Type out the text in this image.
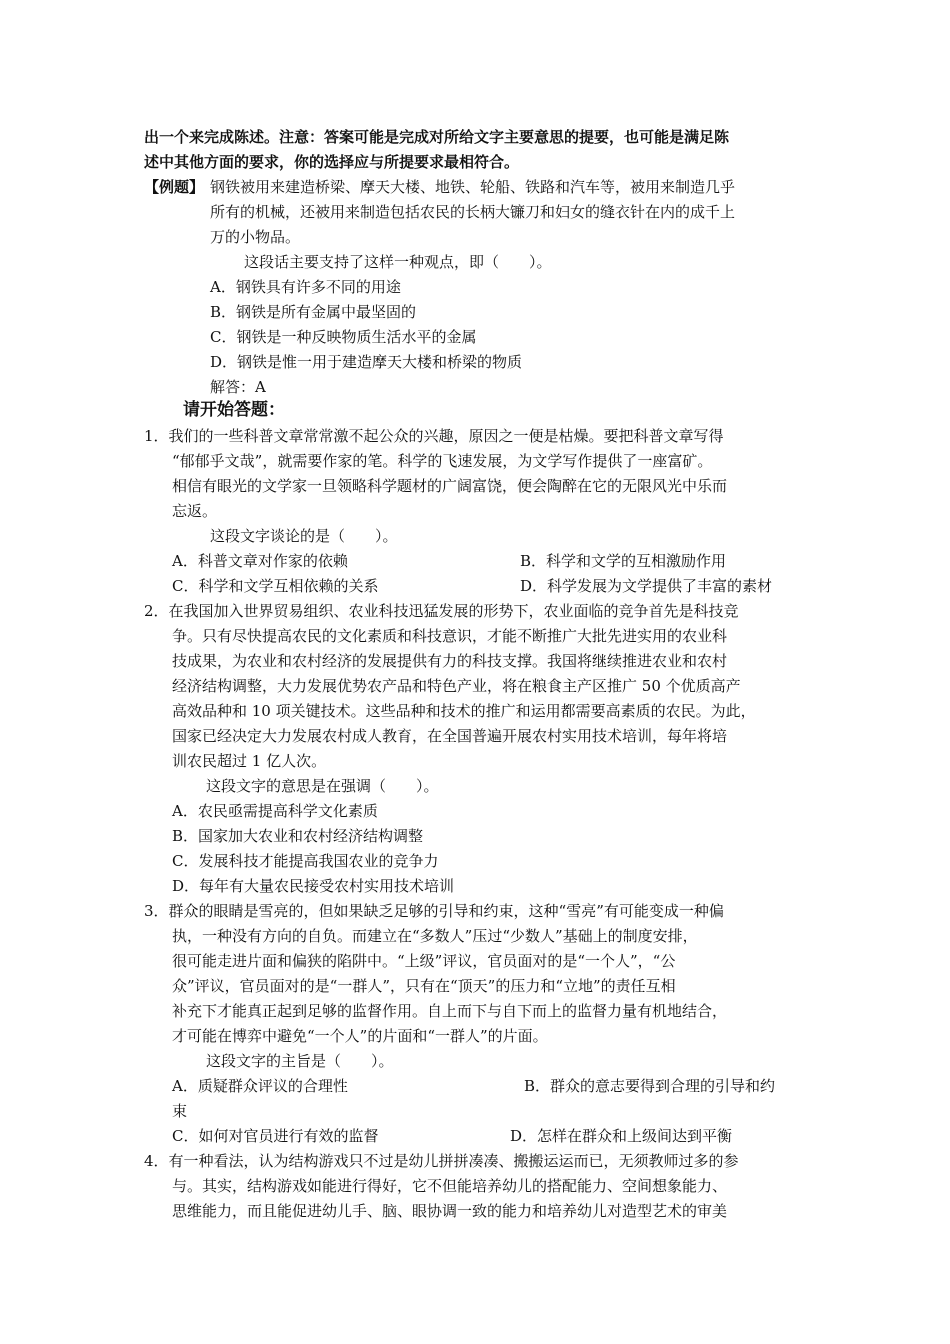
出一个来完成陈述。注意：答案可能是完成对所给文字主要意思的提要，也可能是满足陈
述中其他方面的要求，你的选择应与所提要求最相符合。
【例题】 钢铁被用来建造桥梁、摩天大楼、地铁、轮船、铁路和汽车等，被用来制造几乎
所有的机械，还被用来制造包括农民的长柄大镰刀和妇女的缝衣针在内的成千上
万的小物品。
这段话主要支持了这样一种观点，即（　　）。
A．钢铁具有许多不同的用途
B．钢铁是所有金属中最坚固的
C．钢铁是一种反映物质生活水平的金属
D．钢铁是惟一用于建造摩天大楼和桥梁的物质
解答：A
请开始答题：
1．我们的一些科普文章常常激不起公众的兴趣，原因之一便是枯燥。要把科普文章写得
“郁郁乎文哉”，就需要作家的笔。科学的飞速发展，为文学写作提供了一座富矿。
相信有眼光的文学家一旦领略科学题材的广阔富饶，便会陶醉在它的无限风光中乐而
忘返。
这段文字谈论的是（　　）。
A．科普文章对作家的依赖	B．科学和文学的互相激励作用
C．科学和文学互相依赖的关系	D．科学发展为文学提供了丰富的素材
2．在我国加入世界贸易组织、农业科技迅猛发展的形势下，农业面临的竞争首先是科技竞
争。只有尽快提高农民的文化素质和科技意识，才能不断推广大批先进实用的农业科
技成果，为农业和农村经济的发展提供有力的科技支撑。我国将继续推进农业和农村
经济结构调整，大力发展优势农产品和特色产业，将在粮食主产区推广 50 个优质高产
高效品种和 10 项关键技术。这些品种和技术的推广和运用都需要高素质的农民。为此，
国家已经决定大力发展农村成人教育，在全国普遍开展农村实用技术培训，每年将培
训农民超过 1 亿人次。
这段文字的意思是在强调（　　）。
A．农民亟需提高科学文化素质
B．国家加大农业和农村经济结构调整
C．发展科技才能提高我国农业的竞争力
D．每年有大量农民接受农村实用技术培训
3．群众的眼睛是雪亮的，但如果缺乏足够的引导和约束，这种“雪亮”有可能变成一种偏
执，一种没有方向的自负。而建立在“多数人”压过“少数人”基础上的制度安排，
很可能走进片面和偏狭的陷阱中。“上级”评议，官员面对的是“一个人”，“公
众”评议，官员面对的是“一群人”，只有在“顶天”的压力和“立地”的责任互相
补充下才能真正起到足够的监督作用。自上而下与自下而上的监督力量有机地结合，
才可能在博弈中避免“一个人”的片面和“一群人”的片面。
这段文字的主旨是（　　）。
A．质疑群众评议的合理性	B．群众的意志要得到合理的引导和约
束
C．如何对官员进行有效的监督	D．怎样在群众和上级间达到平衡
4．有一种看法，认为结构游戏只不过是幼儿拼拼凑凑、搬搬运运而已，无须教师过多的参
与。其实，结构游戏如能进行得好，它不但能培养幼儿的搭配能力、空间想象能力、
思维能力，而且能促进幼儿手、脑、眼协调一致的能力和培养幼儿对造型艺术的审美
